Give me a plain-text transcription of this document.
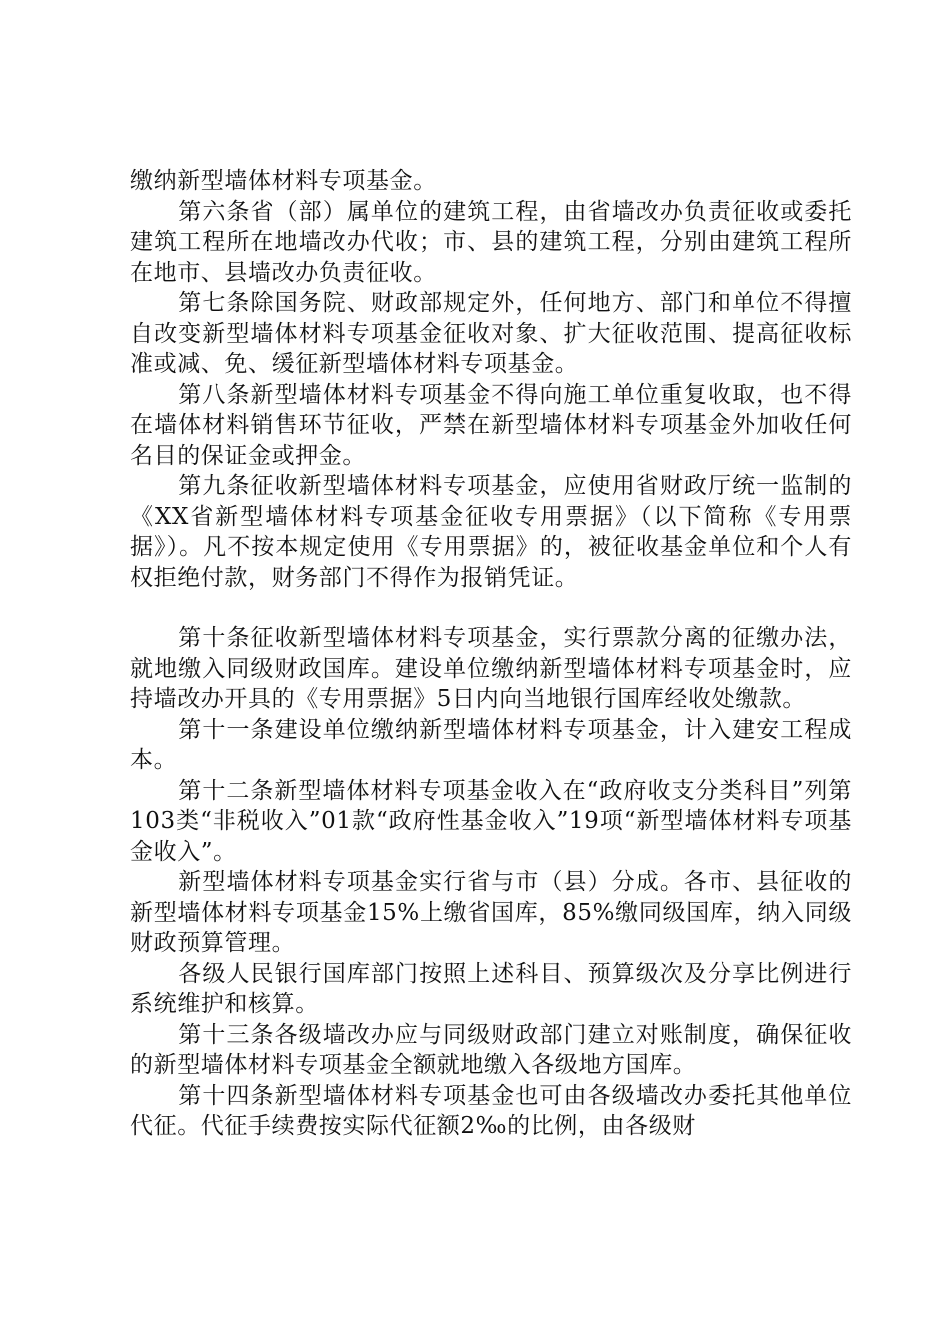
缴纳新型墙体材料专项基金。

第六条省（部）属单位的建筑工程，由省墙改办负责征收或委托建筑工程所在地墙改办代收；市、县的建筑工程，分别由建筑工程所在地市、县墙改办负责征收。

第七条除国务院、财政部规定外，任何地方、部门和单位不得擅自改变新型墙体材料专项基金征收对象、扩大征收范围、提高征收标准或减、免、缓征新型墙体材料专项基金。

第八条新型墙体材料专项基金不得向施工单位重复收取，也不得在墙体材料销售环节征收，严禁在新型墙体材料专项基金外加收任何名目的保证金或押金。

第九条征收新型墙体材料专项基金，应使用省财政厅统一监制的《XX省新型墙体材料专项基金征收专用票据》（以下简称《专用票据》）。凡不按本规定使用《专用票据》的，被征收基金单位和个人有权拒绝付款，财务部门不得作为报销凭证。

第十条征收新型墙体材料专项基金，实行票款分离的征缴办法，就地缴入同级财政国库。建设单位缴纳新型墙体材料专项基金时，应持墙改办开具的《专用票据》5日内向当地银行国库经收处缴款。

第十一条建设单位缴纳新型墙体材料专项基金，计入建安工程成本。

第十二条新型墙体材料专项基金收入在“政府收支分类科目”列第103类“非税收入”01款“政府性基金收入”19项“新型墙体材料专项基金收入”。

新型墙体材料专项基金实行省与市（县）分成。各市、县征收的新型墙体材料专项基金15%上缴省国库，85%缴同级国库，纳入同级财政预算管理。

各级人民银行国库部门按照上述科目、预算级次及分享比例进行系统维护和核算。

第十三条各级墙改办应与同级财政部门建立对账制度，确保征收的新型墙体材料专项基金全额就地缴入各级地方国库。

第十四条新型墙体材料专项基金也可由各级墙改办委托其他单位代征。代征手续费按实际代征额2‰的比例，由各级财
